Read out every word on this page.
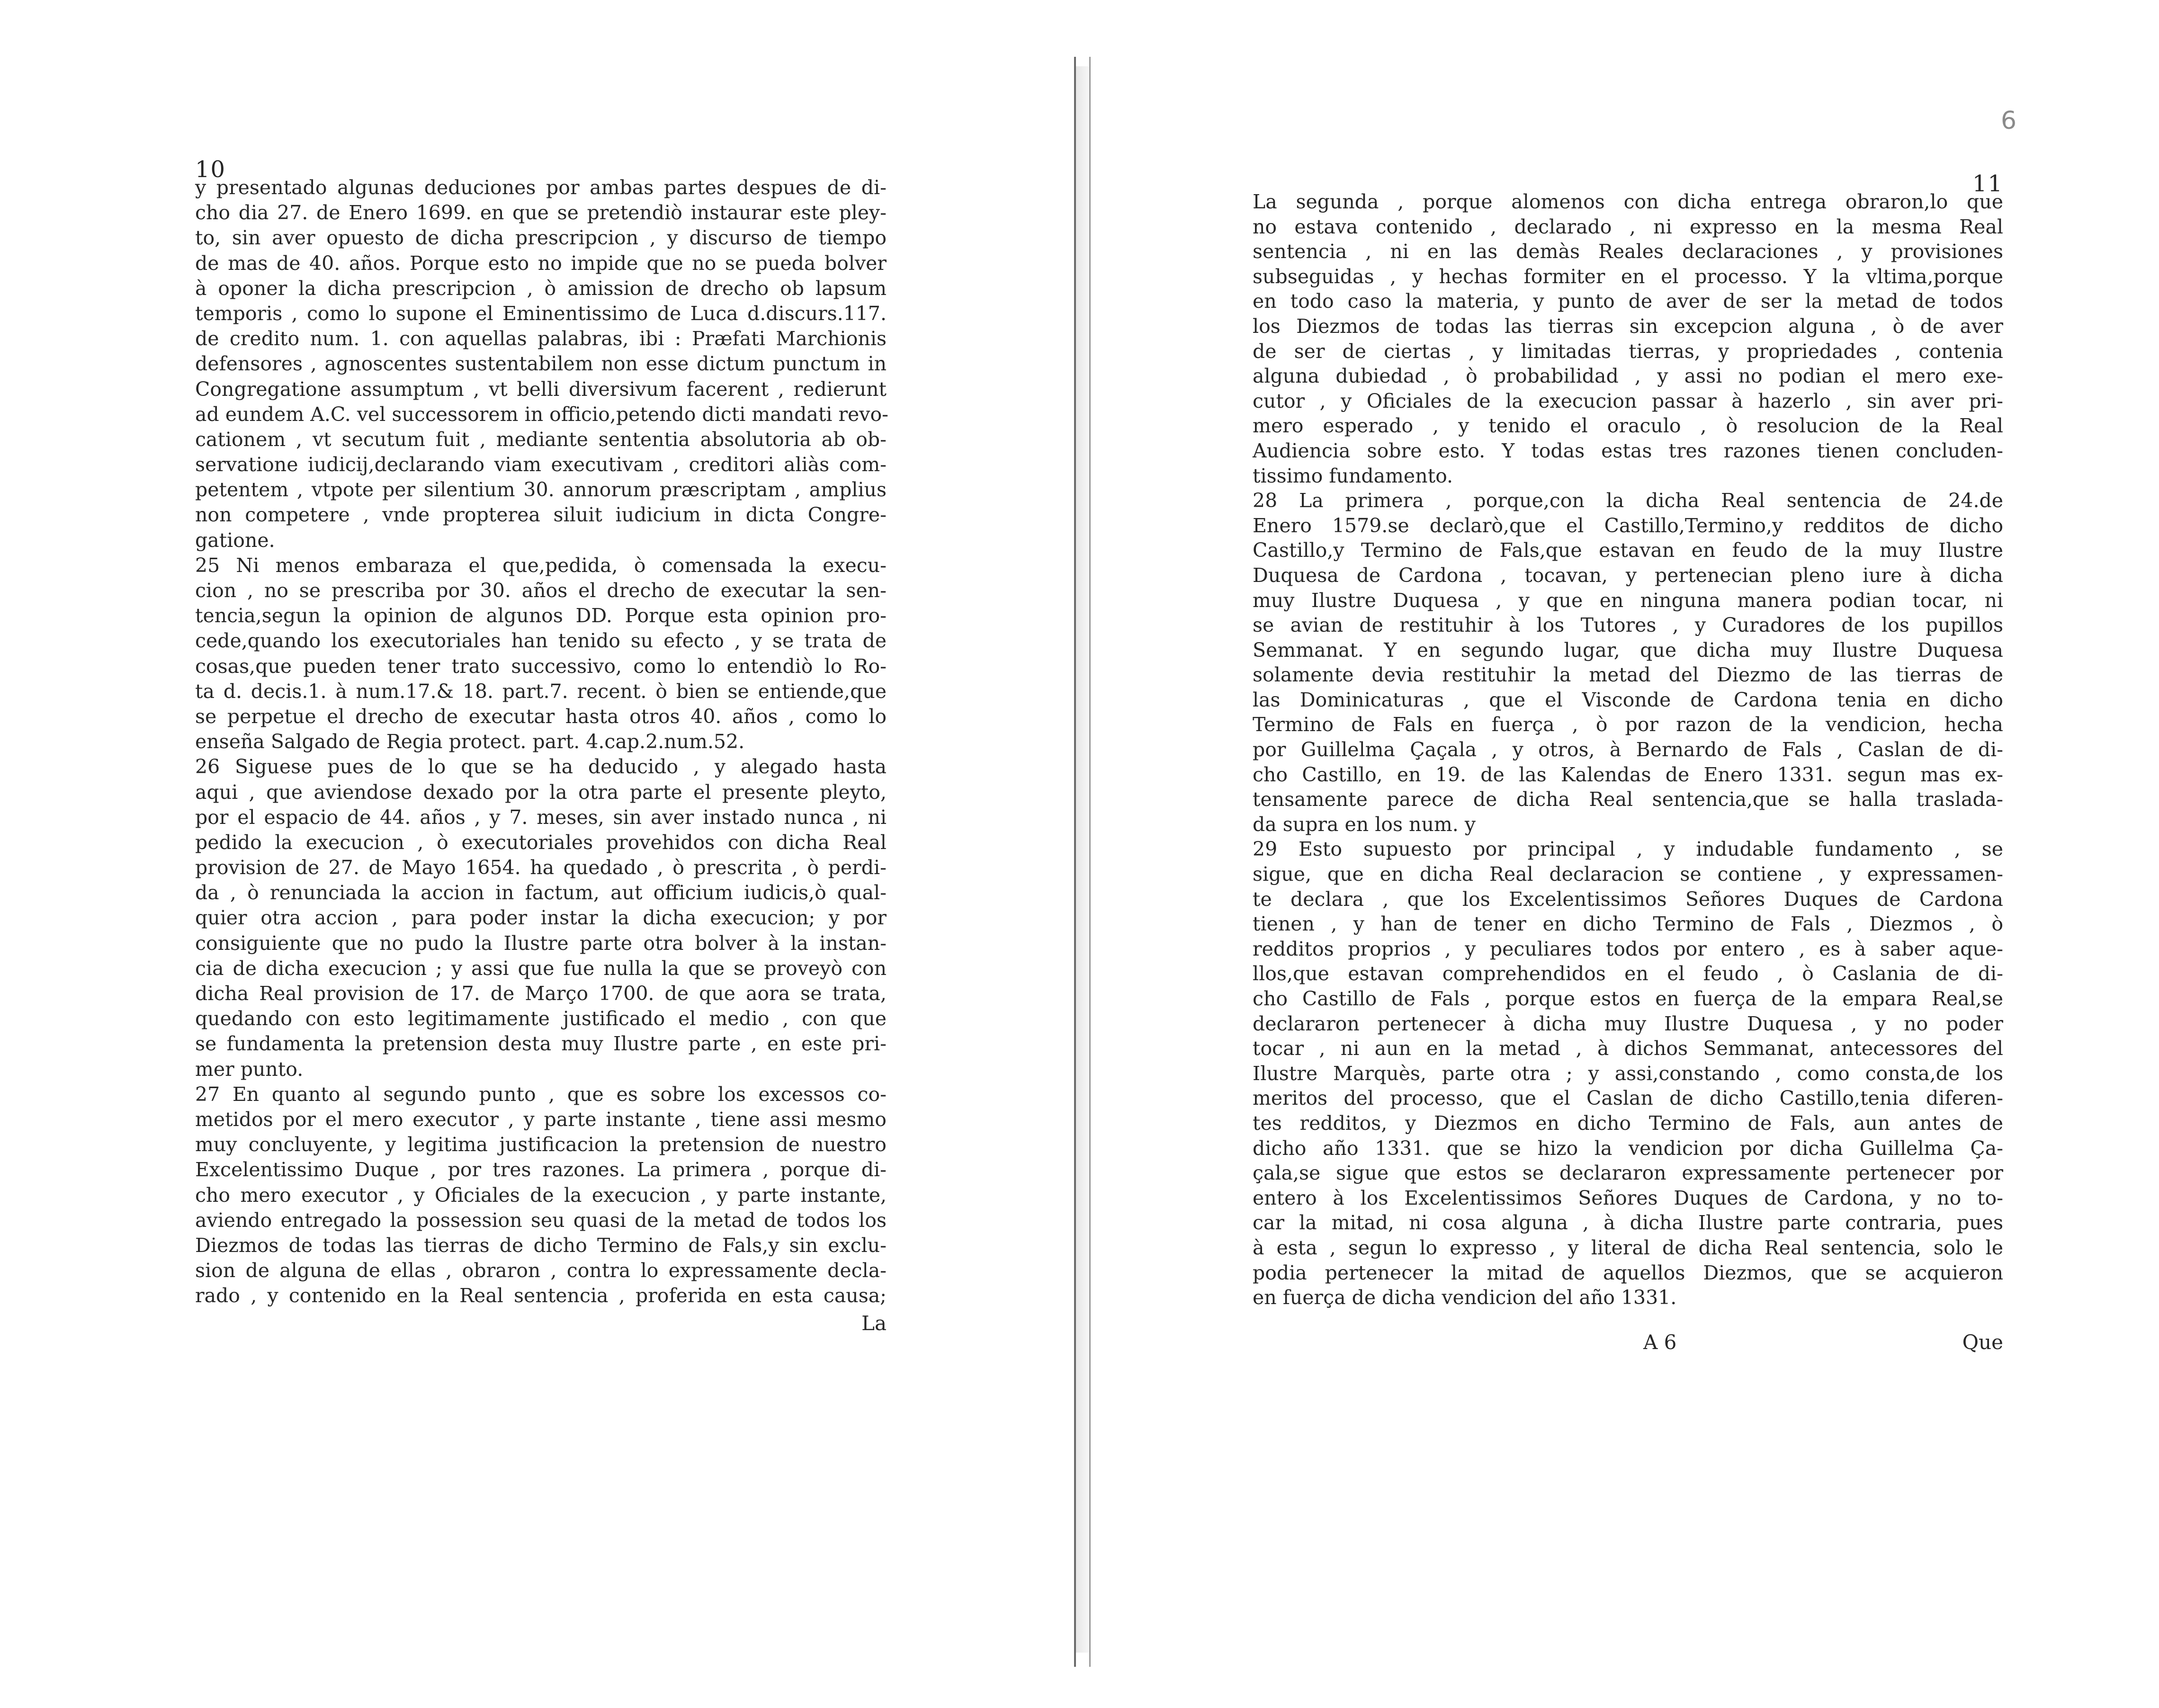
6
10
y presentado algunas deduciones por ambas partes despues de di-
cho dia 27. de Enero 1699. en que se pretendiò instaurar este pley-
to, sin aver opuesto de dicha prescripcion , y discurso de tiempo
de mas de 40. años. Porque esto no impide que no se pueda bolver
à oponer la dicha prescripcion , ò amission de drecho ob lapsum
temporis , como lo supone el Eminentissimo de Luca d.discurs.117.
de credito num. 1. con aquellas palabras, ibi : Præfati Marchionis
defensores , agnoscentes sustentabilem non esse dictum punctum in
Congregatione assumptum , vt belli diversivum facerent , redierunt
ad eundem A.C. vel successorem in officio,petendo dicti mandati revo-
cationem , vt secutum fuit , mediante sententia absolutoria ab ob-
servatione iudicij,declarando viam executivam , creditori aliàs com-
petentem , vtpote per silentium 30. annorum præscriptam , amplius
non competere , vnde propterea siluit iudicium in dicta Congre-
gatione.
25 Ni menos embaraza el que,pedida, ò comensada la execu-
cion , no se prescriba por 30. años el drecho de executar la sen-
tencia,segun la opinion de algunos DD. Porque esta opinion pro-
cede,quando los executoriales han tenido su efecto , y se trata de
cosas,que pueden tener trato successivo, como lo entendiò lo Ro-
ta d. decis.1. à num.17.& 18. part.7. recent. ò bien se entiende,que
se perpetue el drecho de executar hasta otros 40. años , como lo
enseña Salgado de Regia protect. part. 4.cap.2.num.52.
26 Siguese pues de lo que se ha deducido , y alegado hasta
aqui , que aviendose dexado por la otra parte el presente pleyto,
por el espacio de 44. años , y 7. meses, sin aver instado nunca , ni
pedido la execucion , ò executoriales provehidos con dicha Real
provision de 27. de Mayo 1654. ha quedado , ò prescrita , ò perdi-
da , ò renunciada la accion in factum, aut officium iudicis,ò qual-
quier otra accion , para poder instar la dicha execucion; y por
consiguiente que no pudo la Ilustre parte otra bolver à la instan-
cia de dicha execucion ; y assi que fue nulla la que se proveyò con
dicha Real provision de 17. de Março 1700. de que aora se trata,
quedando con esto legitimamente justificado el medio , con que
se fundamenta la pretension desta muy Ilustre parte , en este pri-
mer punto.
27 En quanto al segundo punto , que es sobre los excessos co-
metidos por el mero executor , y parte instante , tiene assi mesmo
muy concluyente, y legitima justificacion la pretension de nuestro
Excelentissimo Duque , por tres razones. La primera , porque di-
cho mero executor , y Oficiales de la execucion , y parte instante,
aviendo entregado la possession seu quasi de la metad de todos los
Diezmos de todas las tierras de dicho Termino de Fals,y sin exclu-
sion de alguna de ellas , obraron , contra lo expressamente decla-
rado , y contenido en la Real sentencia , proferida en esta causa;
La
11
La segunda , porque alomenos con dicha entrega obraron,lo que
no estava contenido , declarado , ni expresso en la mesma Real
sentencia , ni en las demàs Reales declaraciones , y provisiones
subseguidas , y hechas formiter en el processo. Y la vltima,porque
en todo caso la materia, y punto de aver de ser la metad de todos
los Diezmos de todas las tierras sin excepcion alguna , ò de aver
de ser de ciertas , y limitadas tierras, y propriedades , contenia
alguna dubiedad , ò probabilidad , y assi no podian el mero exe-
cutor , y Oficiales de la execucion passar à hazerlo , sin aver pri-
mero esperado , y tenido el oraculo , ò resolucion de la Real
Audiencia sobre esto. Y todas estas tres razones tienen concluden-
tissimo fundamento.
28 La primera , porque,con la dicha Real sentencia de 24.de
Enero 1579.se declarò,que el Castillo,Termino,y redditos de dicho
Castillo,y Termino de Fals,que estavan en feudo de la muy Ilustre
Duquesa de Cardona , tocavan, y pertenecian pleno iure à dicha
muy Ilustre Duquesa , y que en ninguna manera podian tocar, ni
se avian de restituhir à los Tutores , y Curadores de los pupillos
Semmanat. Y en segundo lugar, que dicha muy Ilustre Duquesa
solamente devia restituhir la metad del Diezmo de las tierras de
las Dominicaturas , que el Visconde de Cardona tenia en dicho
Termino de Fals en fuerça , ò por razon de la vendicion, hecha
por Guillelma Çaçala , y otros, à Bernardo de Fals , Caslan de di-
cho Castillo, en 19. de las Kalendas de Enero 1331. segun mas ex-
tensamente parece de dicha Real sentencia,que se halla traslada-
da supra en los num. y
29 Esto supuesto por principal , y indudable fundamento , se
sigue, que en dicha Real declaracion se contiene , y expressamen-
te declara , que los Excelentissimos Señores Duques de Cardona
tienen , y han de tener en dicho Termino de Fals , Diezmos , ò
redditos proprios , y peculiares todos por entero , es à saber aque-
llos,que estavan comprehendidos en el feudo , ò Caslania de di-
cho Castillo de Fals , porque estos en fuerça de la empara Real,se
declararon pertenecer à dicha muy Ilustre Duquesa , y no poder
tocar , ni aun en la metad , à dichos Semmanat, antecessores del
Ilustre Marquès, parte otra ; y assi,constando , como consta,de los
meritos del processo, que el Caslan de dicho Castillo,tenia diferen-
tes redditos, y Diezmos en dicho Termino de Fals, aun antes de
dicho año 1331. que se hizo la vendicion por dicha Guillelma Ça-
çala,se sigue que estos se declararon expressamente pertenecer por
entero à los Excelentissimos Señores Duques de Cardona, y no to-
car la mitad, ni cosa alguna , à dicha Ilustre parte contraria, pues
à esta , segun lo expresso , y literal de dicha Real sentencia, solo le
podia pertenecer la mitad de aquellos Diezmos, que se acquieron
en fuerça de dicha vendicion del año 1331.
A 6	Que
